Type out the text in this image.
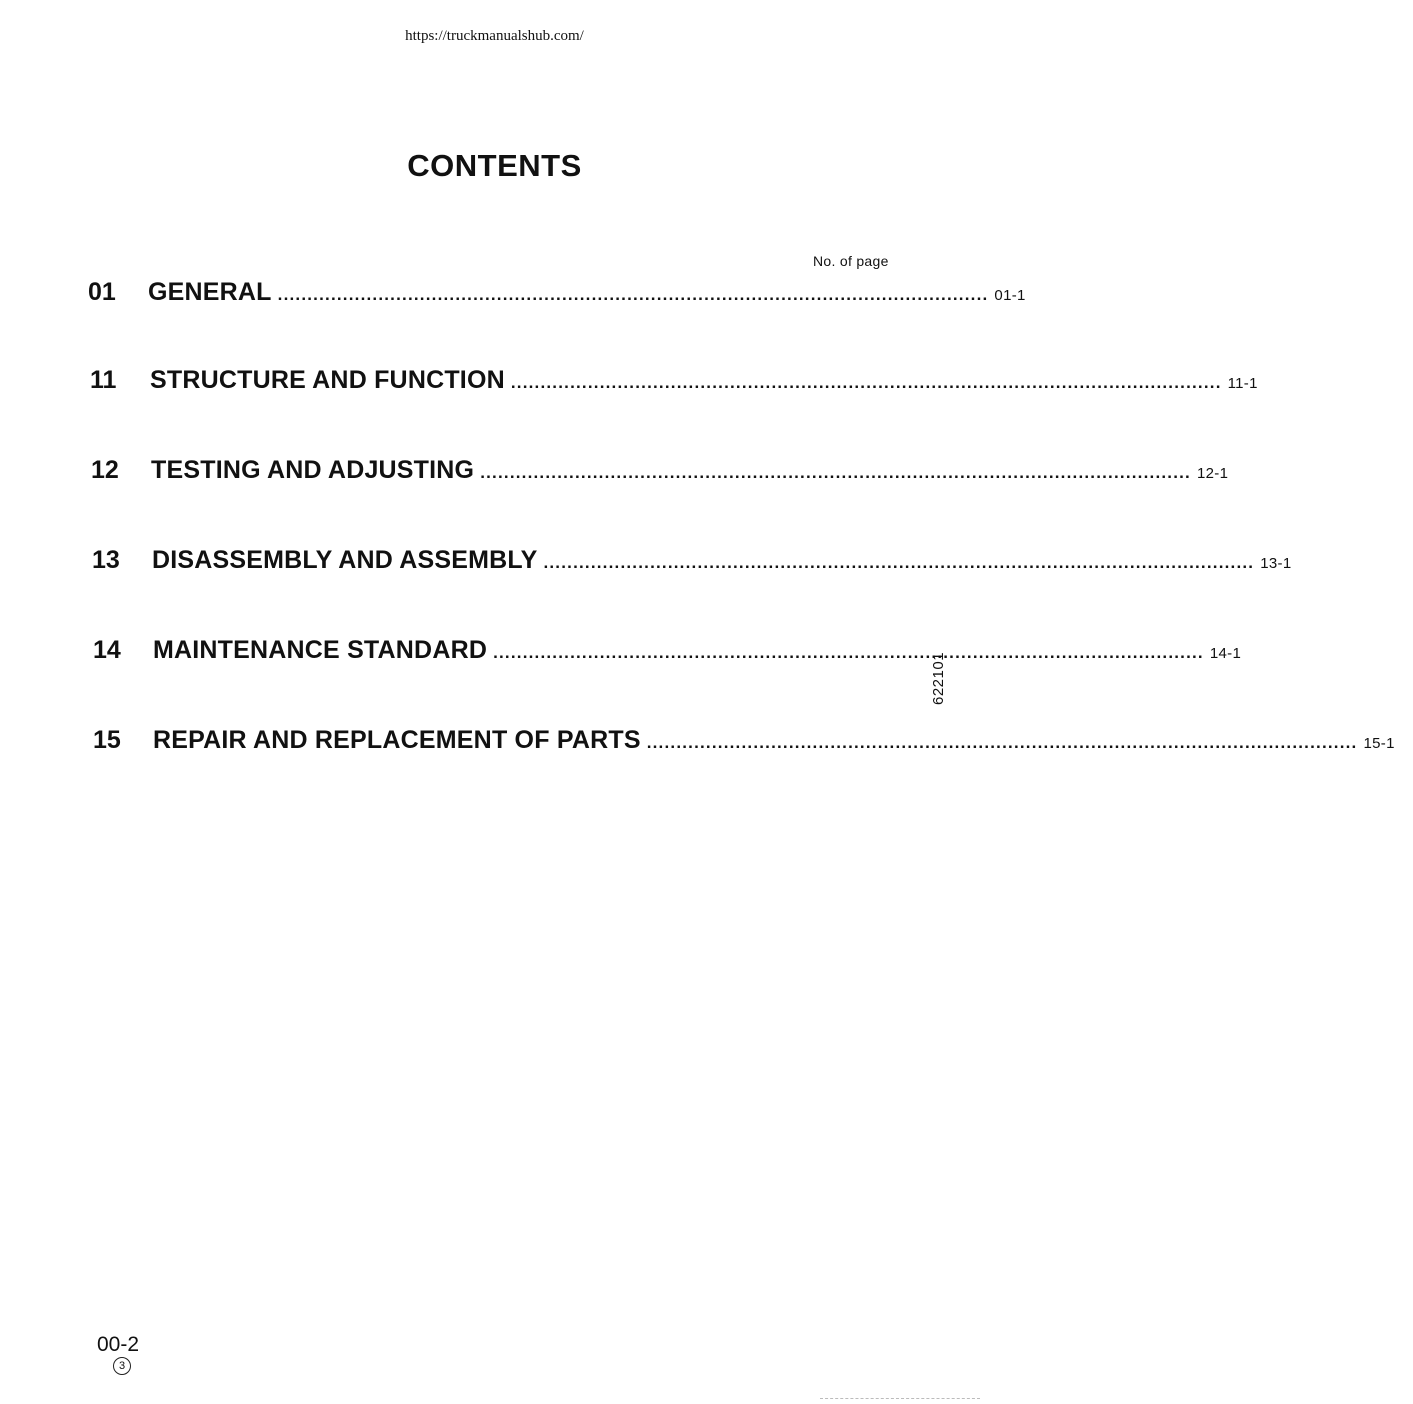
https://truckmanualshub.com/
CONTENTS
No. of page
01	GENERAL ........................................................................................................................ 01-1
11	STRUCTURE AND FUNCTION ........................................................................................................................ 11-1
12	TESTING AND ADJUSTING ........................................................................................................................ 12-1
13	DISASSEMBLY AND ASSEMBLY ........................................................................................................................ 13-1
14	MAINTENANCE STANDARD ........................................................................................................................ 14-1
15	REPAIR AND REPLACEMENT OF PARTS ........................................................................................................................ 15-1
622101
00-2
3
